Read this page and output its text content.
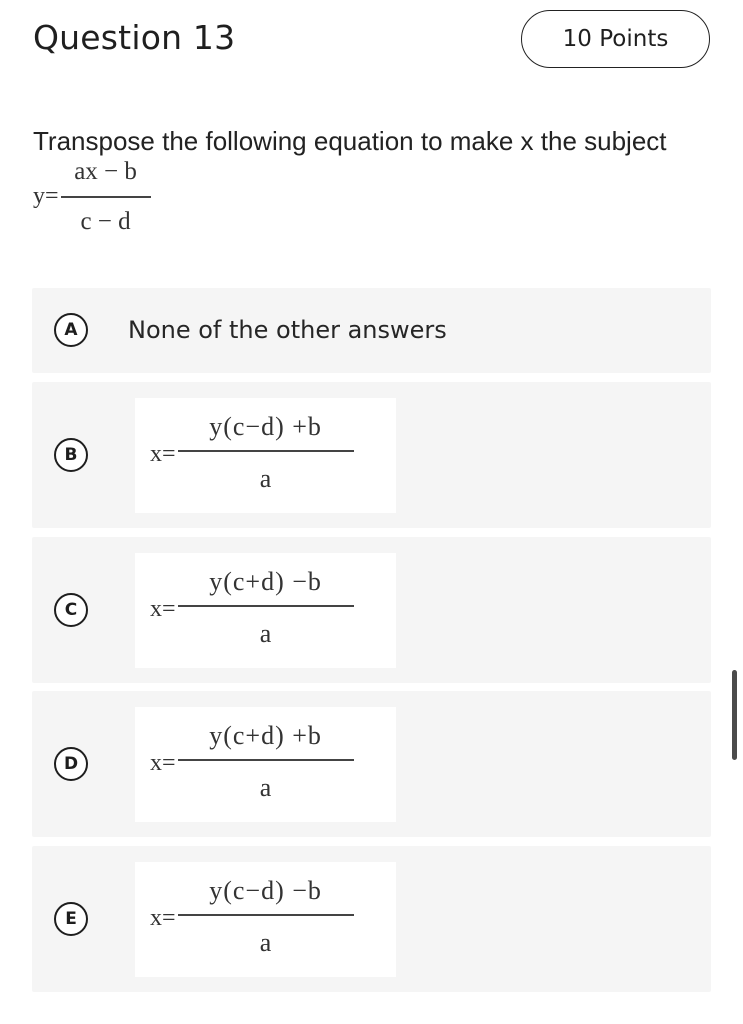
Question 13	10 Points
Transpose the following equation to make x the subject
$y= \frac{ax - b}{c - d}$
A	None of the other answers
B	$x= \frac{y(c-d) +b}{a}$
C	$x= \frac{y(c+d) -b}{a}$
D	$x= \frac{y(c+d) +b}{a}$
E	$x= \frac{y(c-d) -b}{a}$
